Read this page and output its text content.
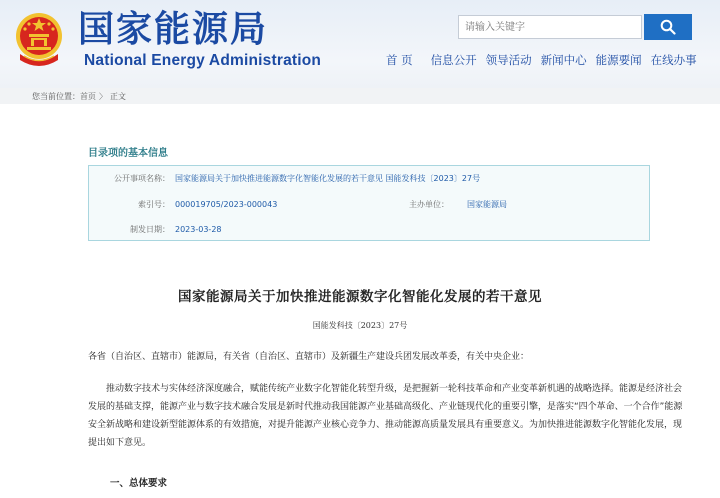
国家能源局
National Energy Administration
请输入关键字	首 页 信息公开 领导活动 新闻中心 能源要闻 在线办事
您当前位置： 首页 〉 正文
目录项的基本信息
公开事项名称： 国家能源局关于加快推进能源数字化智能化发展的若干意见 国能发科技〔2023〕27号
索引号： 000019705/2023-000043	主办单位： 国家能源局
制发日期： 2023-03-28
国家能源局关于加快推进能源数字化智能化发展的若干意见
国能发科技〔2023〕27号
各省（自治区、直辖市）能源局，有关省（自治区、直辖市）及新疆生产建设兵团发展改革委，有关中央企业：
推动数字技术与实体经济深度融合，赋能传统产业数字化智能化转型升级，是把握新一轮科技革命和产业变革新机遇的战略选择。能源是经济社会发展的基础支撑，能源产业与数字技术融合发展是新时代推动我国能源产业基础高级化、产业链现代化的重要引擎，是落实“四个革命、一个合作”能源安全新战略和建设新型能源体系的有效措施，对提升能源产业核心竞争力、推动能源高质量发展具有重要意义。为加快推进能源数字化智能化发展，现提出如下意见。
一、总体要求
